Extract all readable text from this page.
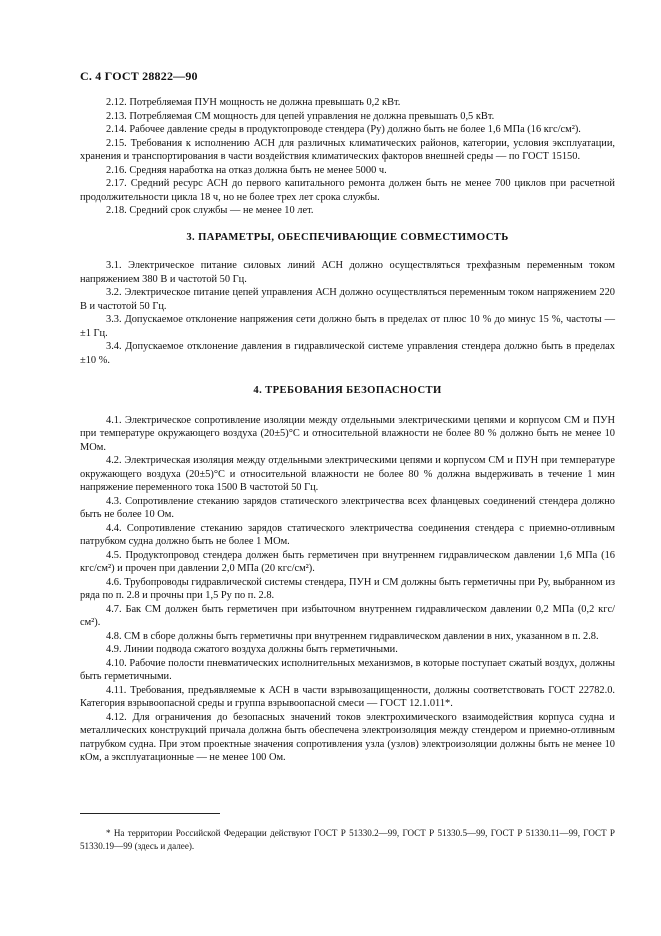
С. 4 ГОСТ 28822—90

2.12. Потребляемая ПУН мощность не должна превышать 0,2 кВт.

2.13. Потребляемая СМ мощность для цепей управления не должна превышать 0,5 кВт.

2.14. Рабочее давление среды в продуктопроводе стендера (Pу) должно быть не более 1,6 МПа (16 кгс/см²).

2.15. Требования к исполнению АСН для различных климатических районов, категории, условия эксплуатации, хранения и транспортирования в части воздействия климатических факторов внешней среды — по ГОСТ 15150.

2.16. Средняя наработка на отказ должна быть не менее 5000 ч.

2.17. Средний ресурс АСН до первого капитального ремонта должен быть не менее 700 циклов при расчетной продолжительности цикла 18 ч, но не более трех лет срока службы.

2.18. Средний срок службы — не менее 10 лет.

3. ПАРАМЕТРЫ, ОБЕСПЕЧИВАЮЩИЕ СОВМЕСТИМОСТЬ

3.1. Электрическое питание силовых линий АСН должно осуществляться трехфазным переменным током напряжением 380 В и частотой 50 Гц.

3.2. Электрическое питание цепей управления АСН должно осуществляться переменным током напряжением 220 В и частотой 50 Гц.

3.3. Допускаемое отклонение напряжения сети должно быть в пределах от плюс 10 % до минус 15 %, частоты — ±1 Гц.

3.4. Допускаемое отклонение давления в гидравлической системе управления стендера должно быть в пределах ±10 %.

4. ТРЕБОВАНИЯ БЕЗОПАСНОСТИ

4.1. Электрическое сопротивление изоляции между отдельными электрическими цепями и корпусом СМ и ПУН при температуре окружающего воздуха (20±5)°С и относительной влажности не более 80 % должно быть не менее 10 МОм.

4.2. Электрическая изоляция между отдельными электрическими цепями и корпусом СМ и ПУН при температуре окружающего воздуха (20±5)°С и относительной влажности не более 80 % должна выдерживать в течение 1 мин напряжение переменного тока 1500 В частотой 50 Гц.

4.3. Сопротивление стеканию зарядов статического электричества всех фланцевых соединений стендера должно быть не более 10 Ом.

4.4. Сопротивление стеканию зарядов статического электричества соединения стендера с приемно-отливным патрубком судна должно быть не более 1 МОм.

4.5. Продуктопровод стендера должен быть герметичен при внутреннем гидравлическом давлении 1,6 МПа (16 кгс/см²) и прочен при давлении 2,0 МПа (20 кгс/см²).

4.6. Трубопроводы гидравлической системы стендера, ПУН и СМ должны быть герметичны при Pу, выбранном из ряда по п. 2.8 и прочны при 1,5 Pу по п. 2.8.

4.7. Бак СМ должен быть герметичен при избыточном внутреннем гидравлическом давлении 0,2 МПа (0,2 кгс/см²).

4.8. СМ в сборе должны быть герметичны при внутреннем гидравлическом давлении в них, указанном в п. 2.8.

4.9. Линии подвода сжатого воздуха должны быть герметичными.

4.10. Рабочие полости пневматических исполнительных механизмов, в которые поступает сжатый воздух, должны быть герметичными.

4.11. Требования, предъявляемые к АСН в части взрывозащищенности, должны соответствовать ГОСТ 22782.0. Категория взрывоопасной среды и группа взрывоопасной смеси — ГОСТ 12.1.011*.

4.12. Для ограничения до безопасных значений токов электрохимического взаимодействия корпуса судна и металлических конструкций причала должна быть обеспечена электроизоляция между стендером и приемно-отливным патрубком судна. При этом проектные значения сопротивления узла (узлов) электроизоляции должны быть не менее 10 кОм, а эксплуатационные — не менее 100 Ом.

* На территории Российской Федерации действуют ГОСТ Р 51330.2—99, ГОСТ Р 51330.5—99, ГОСТ Р 51330.11—99, ГОСТ Р 51330.19—99 (здесь и далее).
